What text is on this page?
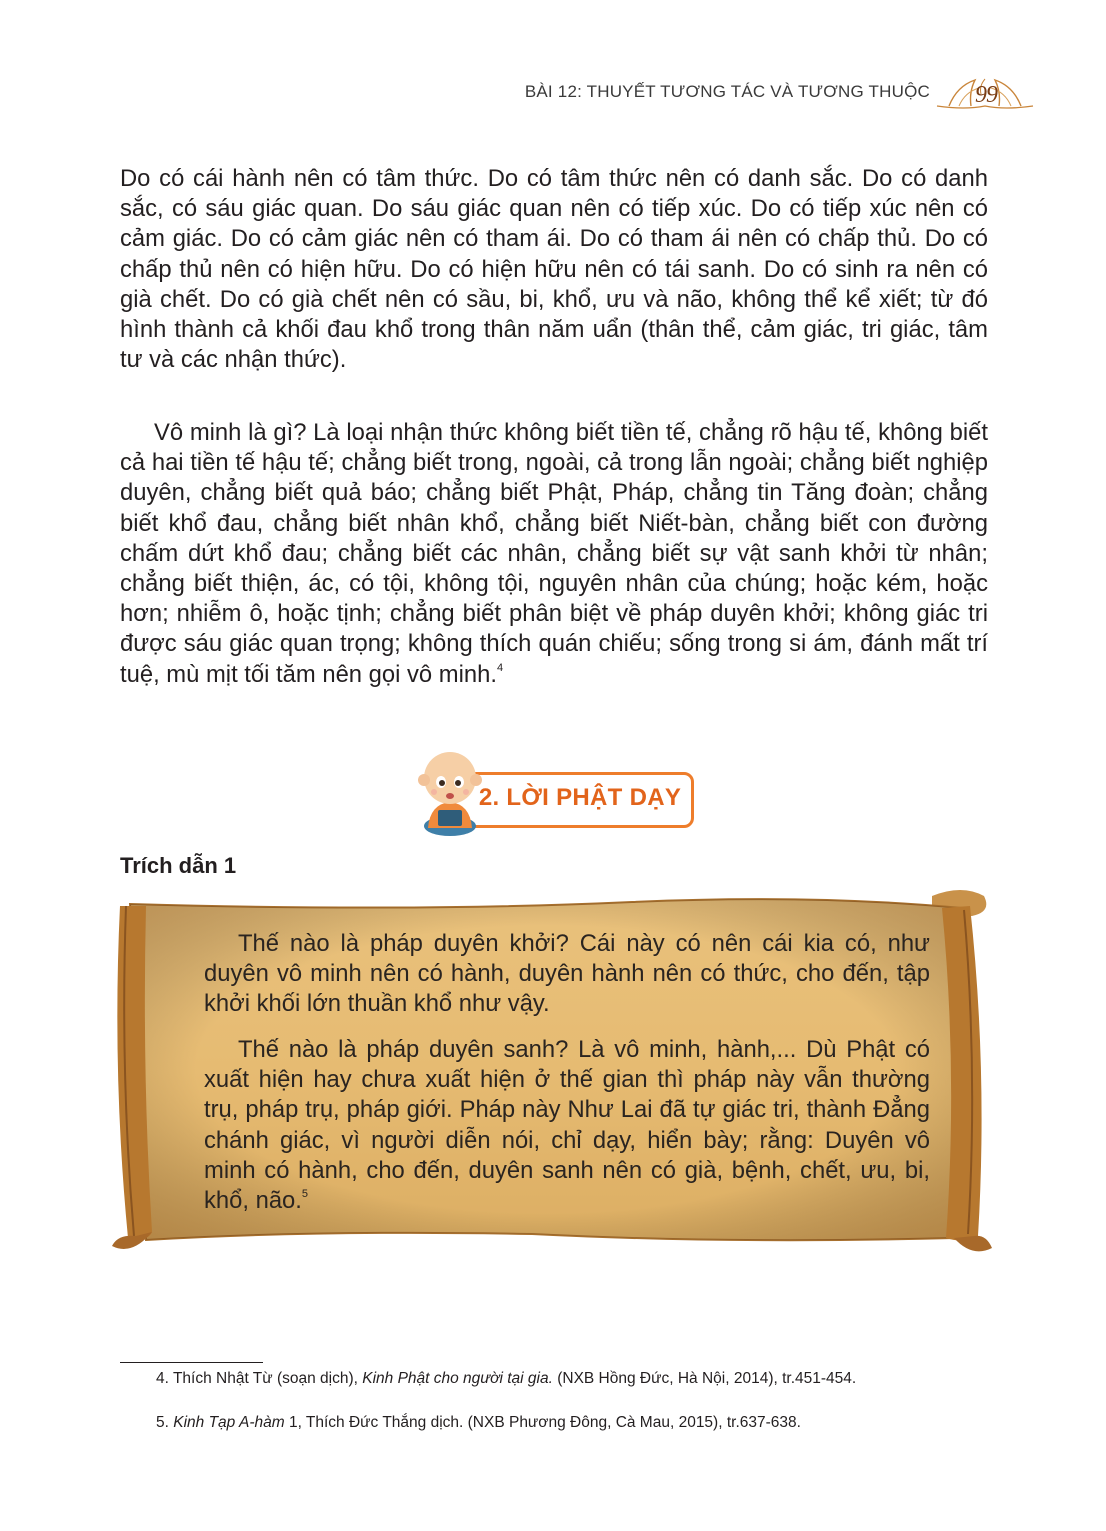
BÀI 12: THUYẾT TƯƠNG TÁC VÀ TƯƠNG THUỘC	99

Do có cái hành nên có tâm thức. Do có tâm thức nên có danh sắc. Do có danh sắc, có sáu giác quan. Do sáu giác quan nên có tiếp xúc. Do có tiếp xúc nên có cảm giác. Do có cảm giác nên có tham ái. Do có tham ái nên có chấp thủ. Do có chấp thủ nên có hiện hữu. Do có hiện hữu nên có tái sanh. Do có sinh ra nên có già chết. Do có già chết nên có sầu, bi, khổ, ưu và não, không thể kể xiết; từ đó hình thành cả khối đau khổ trong thân năm uẩn (thân thể, cảm giác, tri giác, tâm tư và các nhận thức).

Vô minh là gì? Là loại nhận thức không biết tiền tế, chẳng rõ hậu tế, không biết cả hai tiền tế hậu tế; chẳng biết trong, ngoài, cả trong lẫn ngoài; chẳng biết nghiệp duyên, chẳng biết quả báo; chẳng biết Phật, Pháp, chẳng tin Tăng đoàn; chẳng biết khổ đau, chẳng biết nhân khổ, chẳng biết Niết-bàn, chẳng biết con đường chấm dứt khổ đau; chẳng biết các nhân, chẳng biết sự vật sanh khởi từ nhân; chẳng biết thiện, ác, có tội, không tội, nguyên nhân của chúng; hoặc kém, hoặc hơn; nhiễm ô, hoặc tịnh; chẳng biết phân biệt về pháp duyên khởi; không giác tri được sáu giác quan trọng; không thích quán chiếu; sống trong si ám, đánh mất trí tuệ, mù mịt tối tăm nên gọi vô minh.$^4$

2. LỜI PHẬT DẠY

Trích dẫn 1

Thế nào là pháp duyên khởi? Cái này có nên cái kia có, như duyên vô minh nên có hành, duyên hành nên có thức, cho đến, tập khởi khối lớn thuần khổ như vậy.

Thế nào là pháp duyên sanh? Là vô minh, hành,... Dù Phật có xuất hiện hay chưa xuất hiện ở thế gian thì pháp này vẫn thường trụ, pháp trụ, pháp giới. Pháp này Như Lai đã tự giác tri, thành Đẳng chánh giác, vì người diễn nói, chỉ dạy, hiển bày; rằng: Duyên vô minh có hành, cho đến, duyên sanh nên có già, bệnh, chết, ưu, bi, khổ, não.$^5$

4. Thích Nhật Từ (soạn dịch), Kinh Phật cho người tại gia. (NXB Hồng Đức, Hà Nội, 2014), tr.451-454.

5. Kinh Tạp A-hàm 1, Thích Đức Thắng dịch. (NXB Phương Đông, Cà Mau, 2015), tr.637-638.
